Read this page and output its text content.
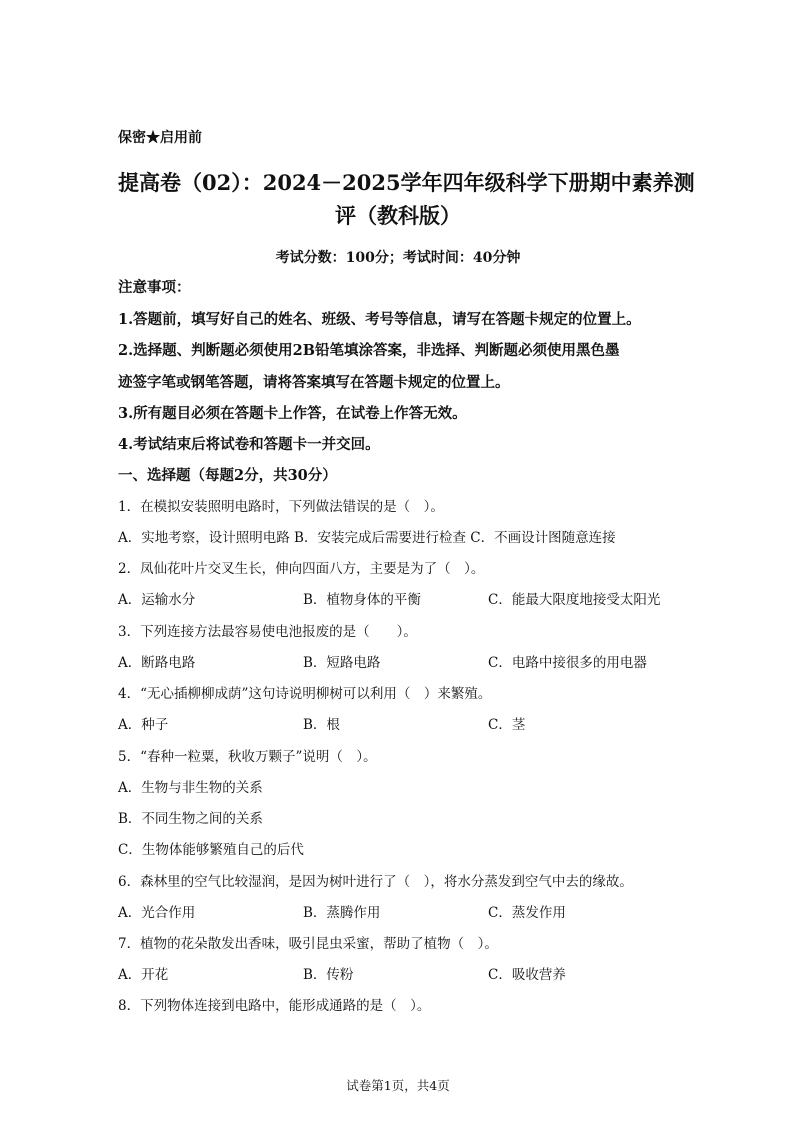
保密★启用前
提高卷（02）：2024－2025学年四年级科学下册期中素养测
评（教科版）
考试分数：100分；考试时间：40分钟
注意事项：
1.答题前，填写好自己的姓名、班级、考号等信息，请写在答题卡规定的位置上。
2.选择题、判断题必须使用2B铅笔填涂答案，非选择、判断题必须使用黑色墨
迹签字笔或钢笔答题，请将答案填写在答题卡规定的位置上。
3.所有题目必须在答题卡上作答，在试卷上作答无效。
4.考试结束后将试卷和答题卡一并交回。
一、选择题（每题2分，共30分）
1．在模拟安装照明电路时，下列做法错误的是（　）。
A．实地考察，设计照明电路 B．安装完成后需要进行检查 C．不画设计图随意连接
2．凤仙花叶片交叉生长，伸向四面八方，主要是为了（　）。
A．运输水分	B．植物身体的平衡	C．能最大限度地接受太阳光
3．下列连接方法最容易使电池报废的是（　　）。
A．断路电路	B．短路电路	C．电路中接很多的用电器
4．“无心插柳柳成荫”这句诗说明柳树可以利用（　）来繁殖。
A．种子	B．根	C．茎
5．“春种一粒粟，秋收万颗子”说明（　）。
A．生物与非生物的关系
B．不同生物之间的关系
C．生物体能够繁殖自己的后代
6．森林里的空气比较湿润，是因为树叶进行了（　），将水分蒸发到空气中去的缘故。
A．光合作用	B．蒸腾作用	C．蒸发作用
7．植物的花朵散发出香味，吸引昆虫采蜜，帮助了植物（　）。
A．开花	B．传粉	C．吸收营养
8．下列物体连接到电路中，能形成通路的是（　）。
试卷第1页，共4页
